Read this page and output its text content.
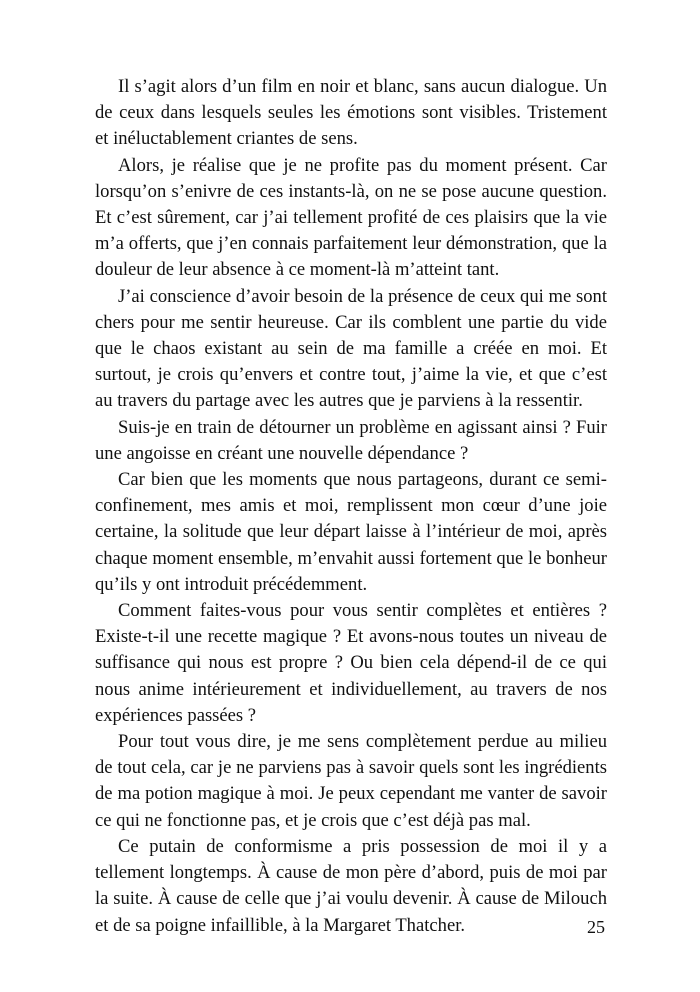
Il s’agit alors d’un film en noir et blanc, sans aucun dialogue. Un de ceux dans lesquels seules les émotions sont visibles. Tristement et inéluctablement criantes de sens.

Alors, je réalise que je ne profite pas du moment présent. Car lorsqu’on s’enivre de ces instants-là, on ne se pose aucune question. Et c’est sûrement, car j’ai tellement profité de ces plaisirs que la vie m’a offerts, que j’en connais parfaitement leur démonstration, que la douleur de leur absence à ce moment-là m’atteint tant.

J’ai conscience d’avoir besoin de la présence de ceux qui me sont chers pour me sentir heureuse. Car ils comblent une partie du vide que le chaos existant au sein de ma famille a créée en moi. Et surtout, je crois qu’envers et contre tout, j’aime la vie, et que c’est au travers du partage avec les autres que je parviens à la ressentir.

Suis-je en train de détourner un problème en agissant ainsi ? Fuir une angoisse en créant une nouvelle dépendance ?

Car bien que les moments que nous partageons, durant ce semi-confinement, mes amis et moi, remplissent mon cœur d’une joie certaine, la solitude que leur départ laisse à l’intérieur de moi, après chaque moment ensemble, m’envahit aussi fortement que le bonheur qu’ils y ont introduit précédemment.

Comment faites-vous pour vous sentir complètes et entières ? Existe-t-il une recette magique ? Et avons-nous toutes un niveau de suffisance qui nous est propre ? Ou bien cela dépend-il de ce qui nous anime intérieurement et individuellement, au travers de nos expériences passées ?

Pour tout vous dire, je me sens complètement perdue au milieu de tout cela, car je ne parviens pas à savoir quels sont les ingrédients de ma potion magique à moi. Je peux cependant me vanter de savoir ce qui ne fonctionne pas, et je crois que c’est déjà pas mal.

Ce putain de conformisme a pris possession de moi il y a tellement longtemps. À cause de mon père d’abord, puis de moi par la suite. À cause de celle que j’ai voulu devenir. À cause de Milouch et de sa poigne infaillible, à la Margaret Thatcher.	25
